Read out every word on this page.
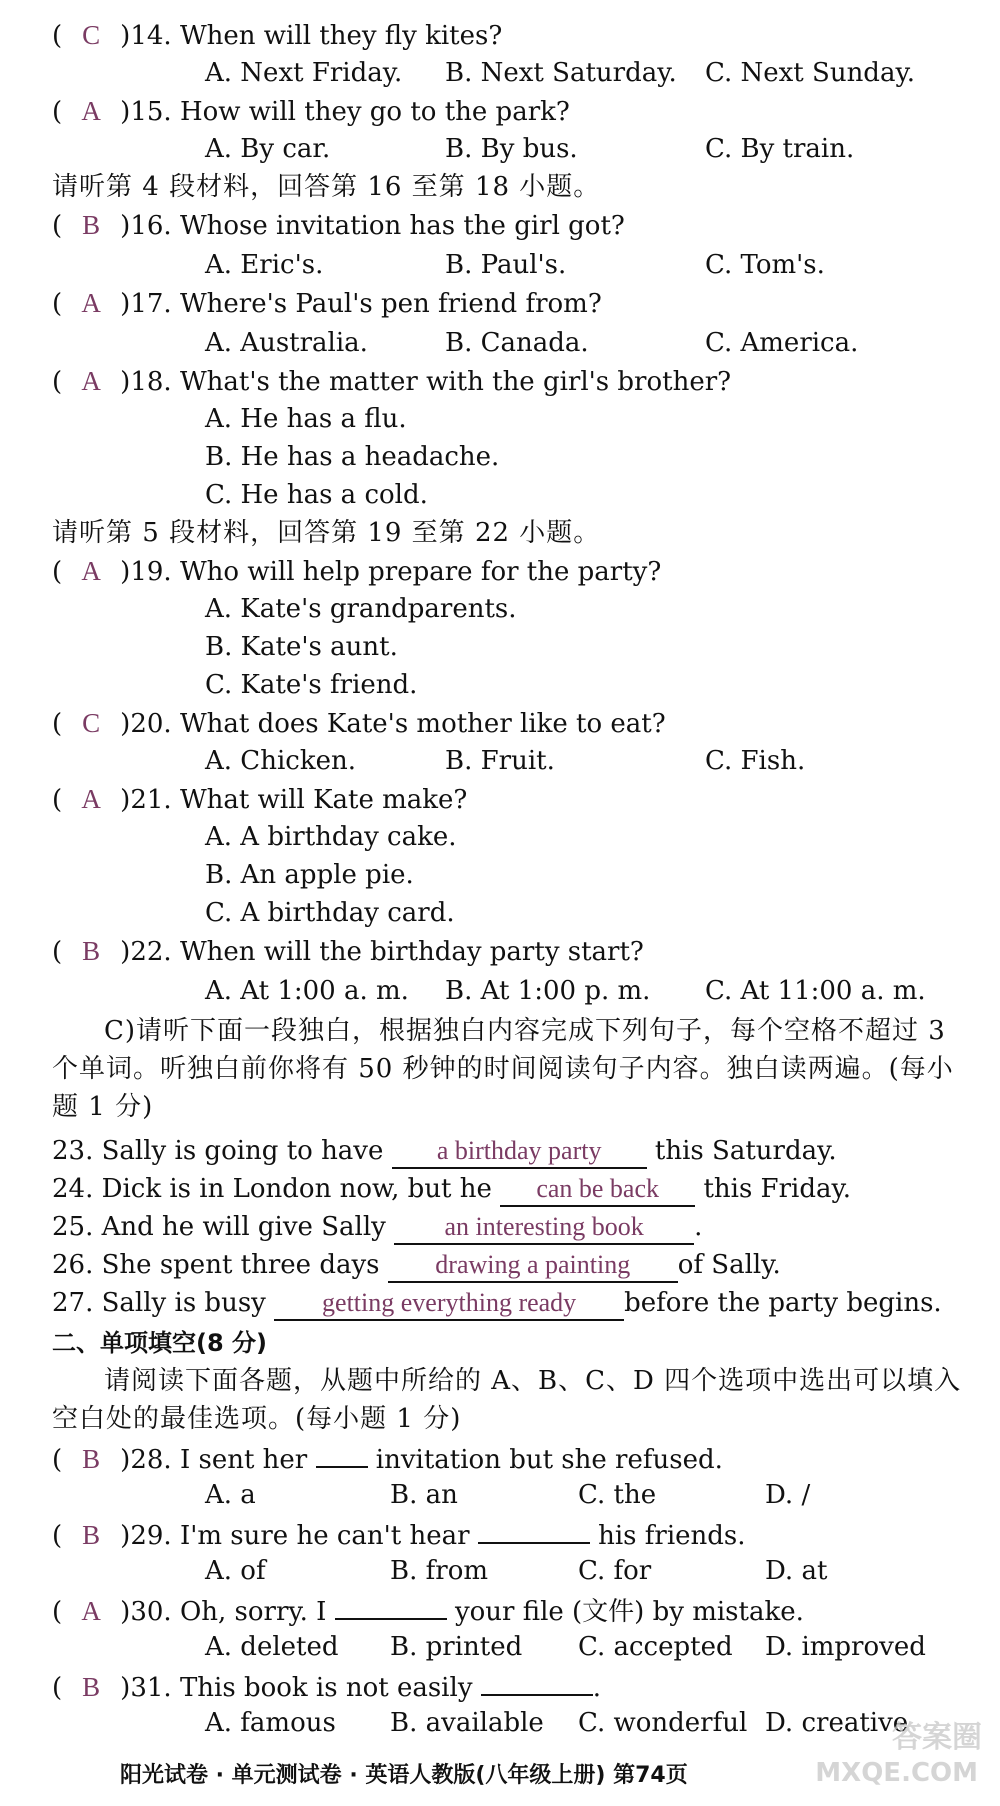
( C )14. When will they fly kites?
A. Next Friday. B. Next Saturday. C. Next Sunday.
( A )15. How will they go to the park?
A. By car.	B. By bus.	C. By train.
请听第 4 段材料，回答第 16 至第 18 小题。
( B )16. Whose invitation has the girl got?
A. Eric's.	B. Paul's.	C. Tom's.
( A )17. Where's Paul's pen friend from?
A. Australia.	B. Canada.	C. America.
( A )18. What's the matter with the girl's brother?
A. He has a flu.
B. He has a headache.
C. He has a cold.
请听第 5 段材料，回答第 19 至第 22 小题。
( A )19. Who will help prepare for the party?
A. Kate's grandparents.
B. Kate's aunt.
C. Kate's friend.
( C )20. What does Kate's mother like to eat?
A. Chicken.	B. Fruit.	C. Fish.
( A )21. What will Kate make?
A. A birthday cake.
B. An apple pie.
C. A birthday card.
( B )22. When will the birthday party start?
A. At 1:00 a. m. B. At 1:00 p. m. C. At 11:00 a. m.
C)请听下面一段独白，根据独白内容完成下列句子，每个空格不超过 3 个单词。听独白前你将有 50 秒钟的时间阅读句子内容。独白读两遍。(每小题 1 分)
23. Sally is going to have a birthday party this Saturday.
24. Dick is in London now, but he can be back this Friday.
25. And he will give Sally an interesting book .
26. She spent three days drawing a painting of Sally.
27. Sally is busy getting everything ready before the party begins.
二、单项填空(8 分)
请阅读下面各题，从题中所给的 A、B、C、D 四个选项中选出可以填入空白处的最佳选项。(每小题 1 分)
( B )28. I sent her	invitation but she refused.
A. a	B. an	C. the	D. /
( B )29. I'm sure he can't hear	his friends.
A. of	B. from	C. for	D. at
( A )30. Oh, sorry. I	your file (文件) by mistake.
A. deleted B. printed C. accepted D. improved
( B )31. This book is not easily	.
A. famous B. available C. wonderful D. creative
阳光试卷 · 单元测试卷 · 英语人教版(八年级上册) 第74页
答案圈
MXQE.COM
